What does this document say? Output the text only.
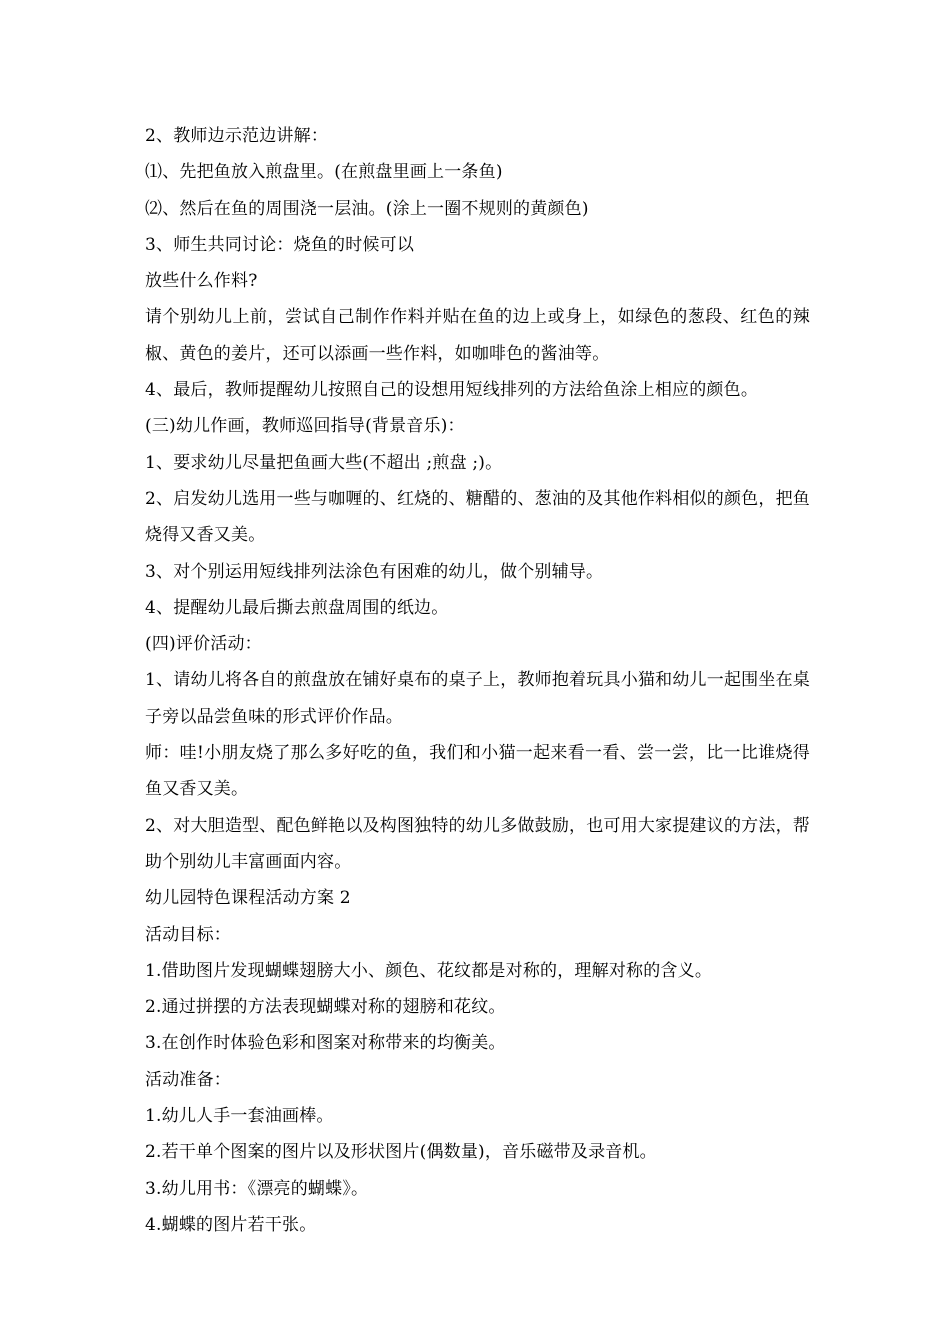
2、教师边示范边讲解：
⑴、先把鱼放入煎盘里。(在煎盘里画上一条鱼)
⑵、然后在鱼的周围浇一层油。(涂上一圈不规则的黄颜色)
3、师生共同讨论：烧鱼的时候可以
放些什么作料?
请个别幼儿上前，尝试自己制作作料并贴在鱼的边上或身上，如绿色的葱段、红色的辣椒、黄色的姜片，还可以添画一些作料，如咖啡色的酱油等。
4、最后，教师提醒幼儿按照自己的设想用短线排列的方法给鱼涂上相应的颜色。
(三)幼儿作画，教师巡回指导(背景音乐)：
1、要求幼儿尽量把鱼画大些(不超出 ;煎盘 ;)。
2、启发幼儿选用一些与咖喱的、红烧的、糖醋的、葱油的及其他作料相似的颜色，把鱼烧得又香又美。
3、对个别运用短线排列法涂色有困难的幼儿，做个别辅导。
4、提醒幼儿最后撕去煎盘周围的纸边。
(四)评价活动：
1、请幼儿将各自的煎盘放在铺好桌布的桌子上，教师抱着玩具小猫和幼儿一起围坐在桌子旁以品尝鱼味的形式评价作品。
师：哇!小朋友烧了那么多好吃的鱼，我们和小猫一起来看一看、尝一尝，比一比谁烧得鱼又香又美。
2、对大胆造型、配色鲜艳以及构图独特的幼儿多做鼓励，也可用大家提建议的方法，帮助个别幼儿丰富画面内容。
幼儿园特色课程活动方案 2
活动目标：
1.借助图片发现蝴蝶翅膀大小、颜色、花纹都是对称的，理解对称的含义。
2.通过拼摆的方法表现蝴蝶对称的翅膀和花纹。
3.在创作时体验色彩和图案对称带来的均衡美。
活动准备：
1.幼儿人手一套油画棒。
2.若干单个图案的图片以及形状图片(偶数量)，音乐磁带及录音机。
3.幼儿用书：《漂亮的蝴蝶》。
4.蝴蝶的图片若干张。
